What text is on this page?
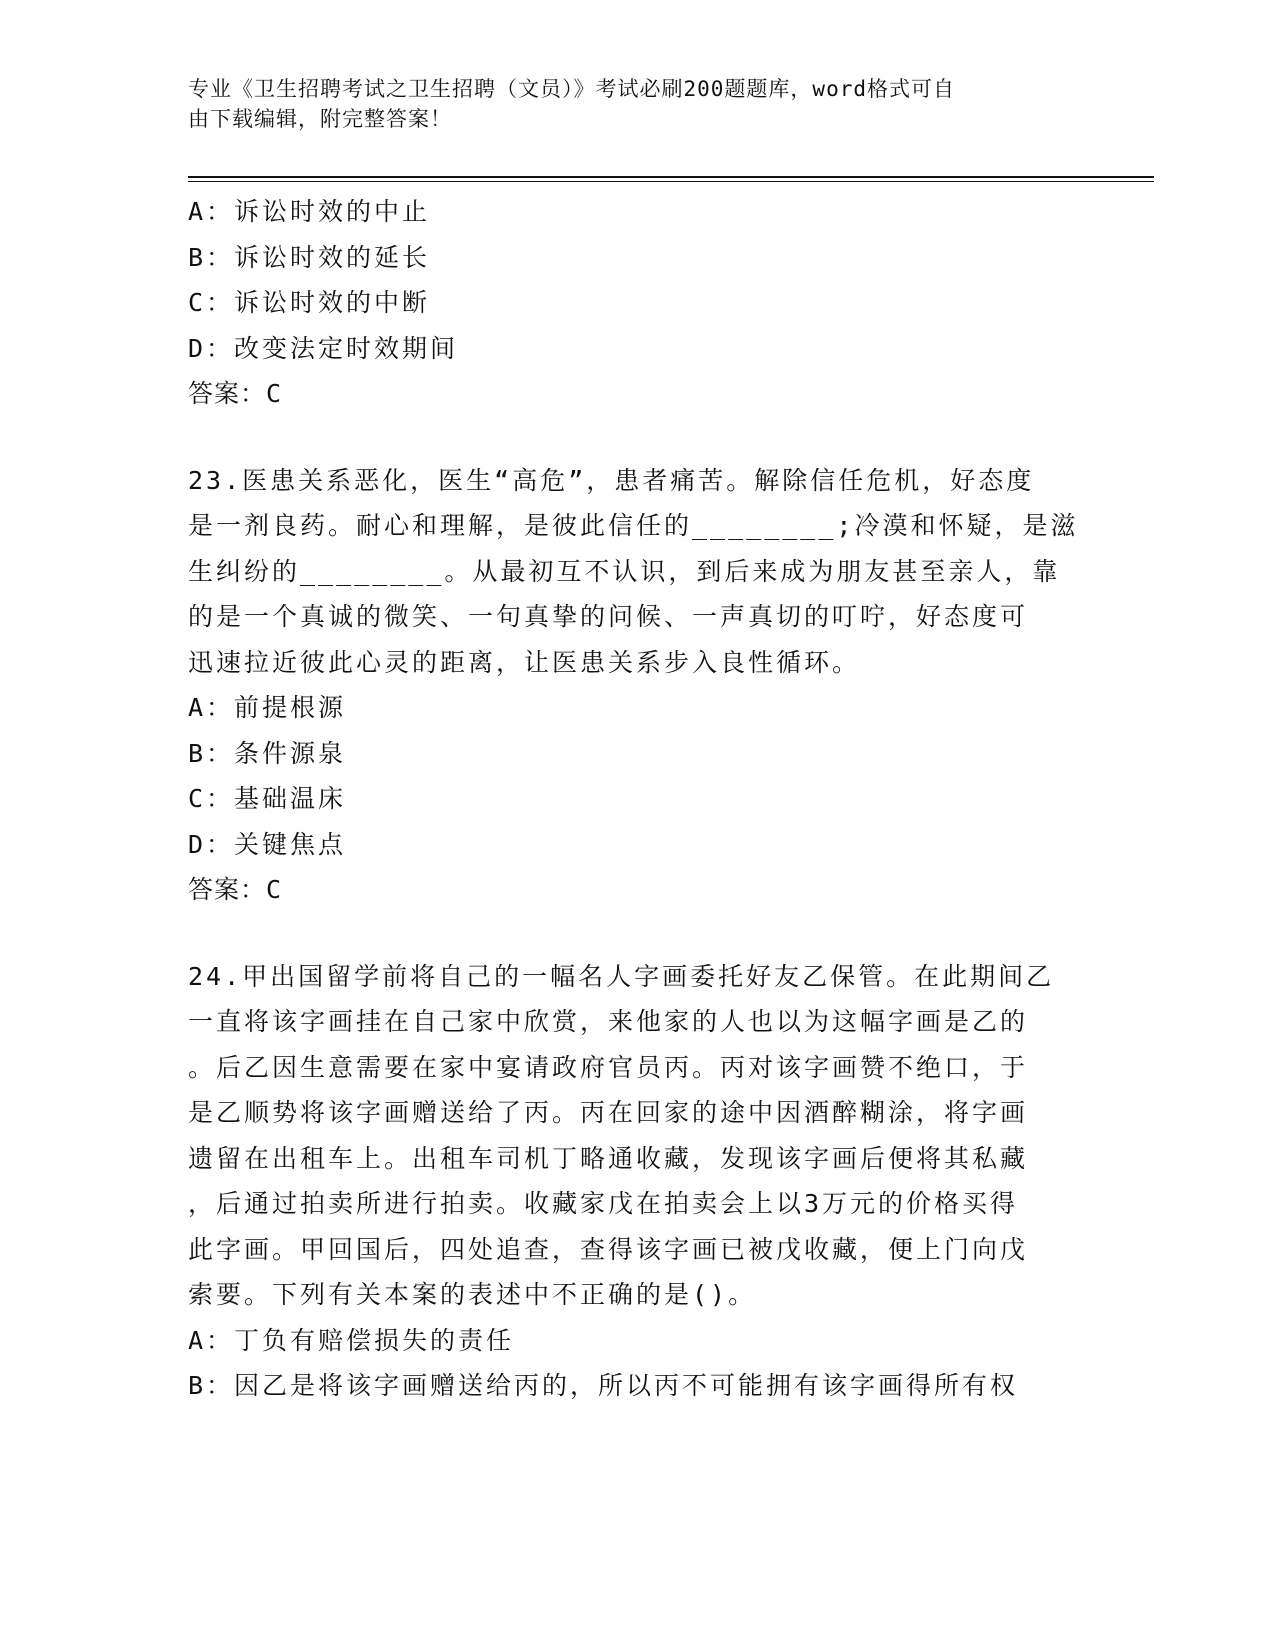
专业《卫生招聘考试之卫生招聘（文员）》考试必刷200题题库，word格式可自
由下载编辑，附完整答案！
A：诉讼时效的中止
B：诉讼时效的延长
C：诉讼时效的中断
D：改变法定时效期间
答案：C
23.医患关系恶化，医生“高危”，患者痛苦。解除信任危机，好态度
是一剂良药。耐心和理解，是彼此信任的________;冷漠和怀疑，是滋
生纠纷的________。从最初互不认识，到后来成为朋友甚至亲人，靠
的是一个真诚的微笑、一句真挚的问候、一声真切的叮咛，好态度可
迅速拉近彼此心灵的距离，让医患关系步入良性循环。
A：前提根源
B：条件源泉
C：基础温床
D：关键焦点
答案：C
24.甲出国留学前将自己的一幅名人字画委托好友乙保管。在此期间乙
一直将该字画挂在自己家中欣赏，来他家的人也以为这幅字画是乙的
。后乙因生意需要在家中宴请政府官员丙。丙对该字画赞不绝口，于
是乙顺势将该字画赠送给了丙。丙在回家的途中因酒醉糊涂，将字画
遗留在出租车上。出租车司机丁略通收藏，发现该字画后便将其私藏
，后通过拍卖所进行拍卖。收藏家戊在拍卖会上以3万元的价格买得
此字画。甲回国后，四处追查，查得该字画已被戊收藏，便上门向戊
索要。下列有关本案的表述中不正确的是()。
A：丁负有赔偿损失的责任
B：因乙是将该字画赠送给丙的，所以丙不可能拥有该字画得所有权
